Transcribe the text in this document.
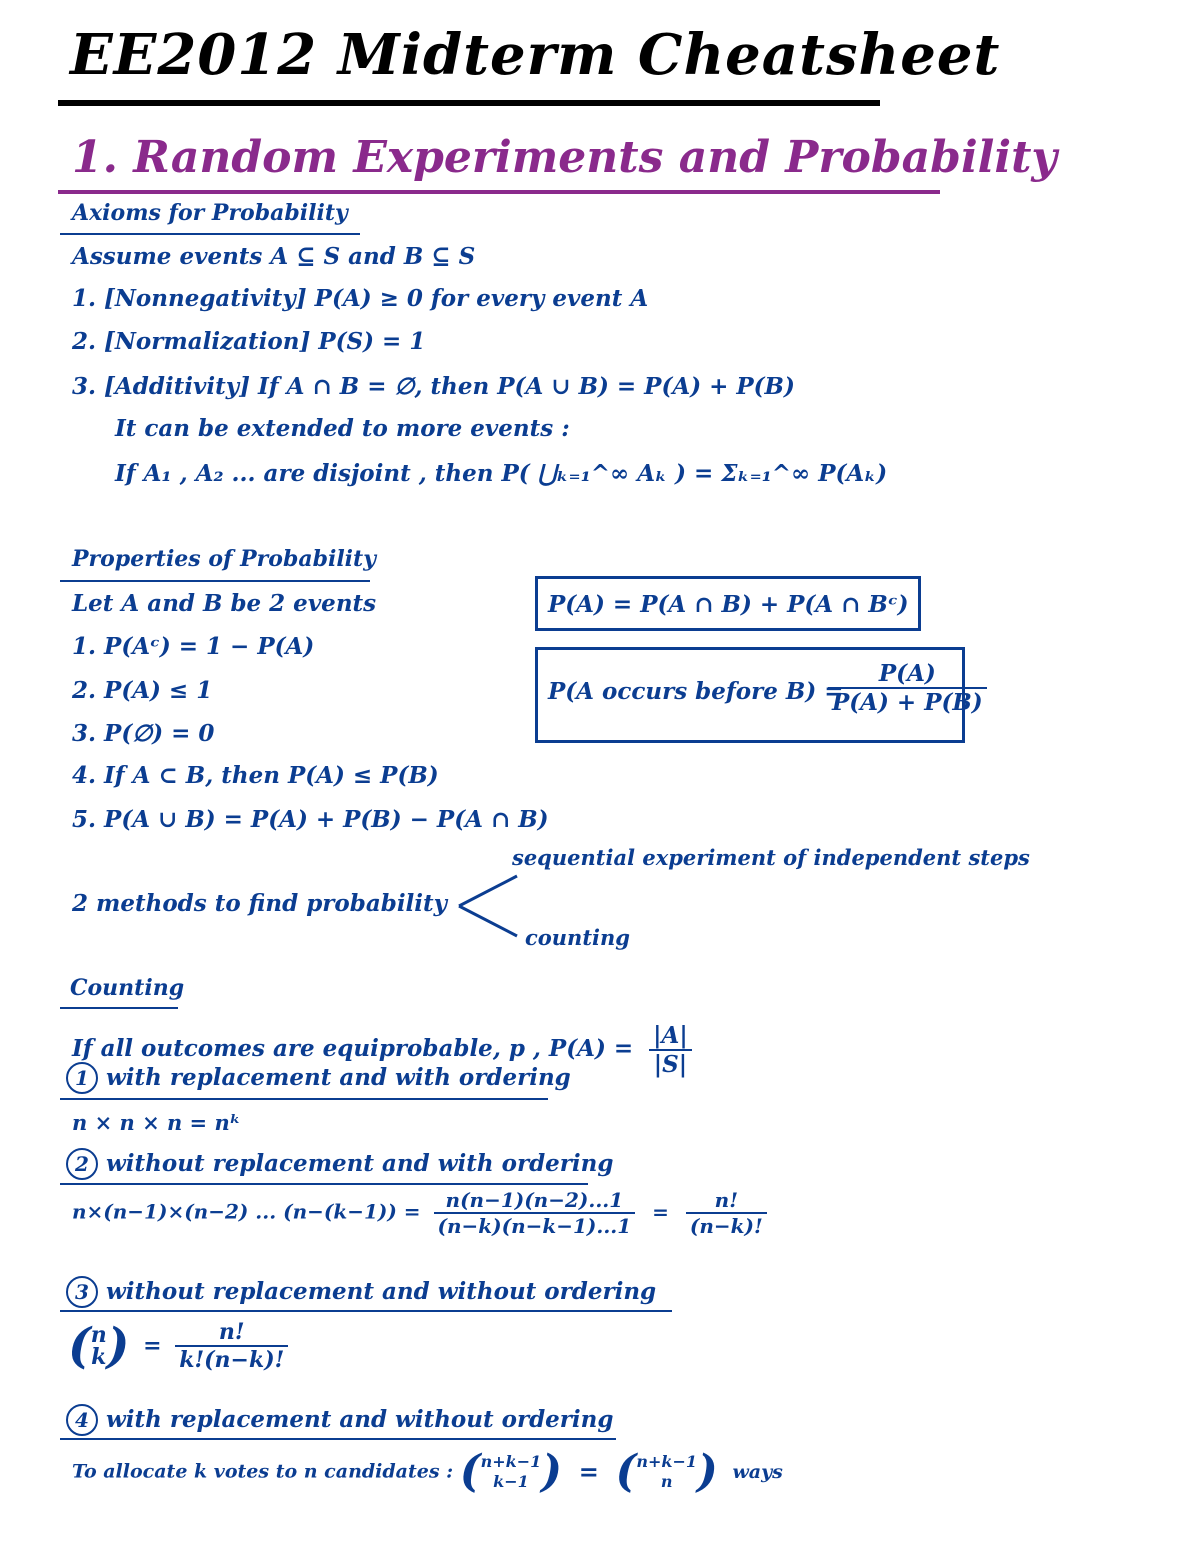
EE2012 Midterm Cheatsheet
1. Random Experiments and Probability
Axioms for Probability
Assume events A ⊆ S and B ⊆ S
1. [Nonnegativity] P(A) ≥ 0 for every event A
2. [Normalization] P(S) = 1
3. [Additivity] If A ∩ B = ∅, then P(A ∪ B) = P(A) + P(B)
It can be extended to more events :
If A₁ , A₂ ... are disjoint , then P( ⋃ₖ₌₁^∞ Aₖ ) = Σₖ₌₁^∞ P(Aₖ)
Properties of Probability
Let A and B be 2 events
1. P(Aᶜ) = 1 − P(A)
2. P(A) ≤ 1
3. P(∅) = 0
4. If A ⊂ B, then P(A) ≤ P(B)
5. P(A ∪ B) = P(A) + P(B) − P(A ∩ B)
P(A) = P(A ∩ B) + P(A ∩ Bᶜ)
P(A occurs before B) =
$\frac{P(A)}{P(A) + P(B)}$
2 methods to find probability
sequential experiment of independent steps
counting
Counting
If all outcomes are equiprobable, p , $P(A) = \frac{|A|}{|S|}$
1 with replacement and with ordering
n × n × n = nᵏ
2 without replacement and with ordering
n×(n−1)×(n−2) ... $(n-(k-1)) = \frac{n(n-1)(n-2)...1}{(n-k)(n-k-1)...1} = \frac{n!}{(n-k)!}$
3 without replacement and without ordering
( n
k ) = $\frac{n!}{k!(n-k)!}$
4 with replacement and without ordering
To allocate k votes to n candidates : ( n+k−1
k−1 ) = ( n+k−1
n ) ways
